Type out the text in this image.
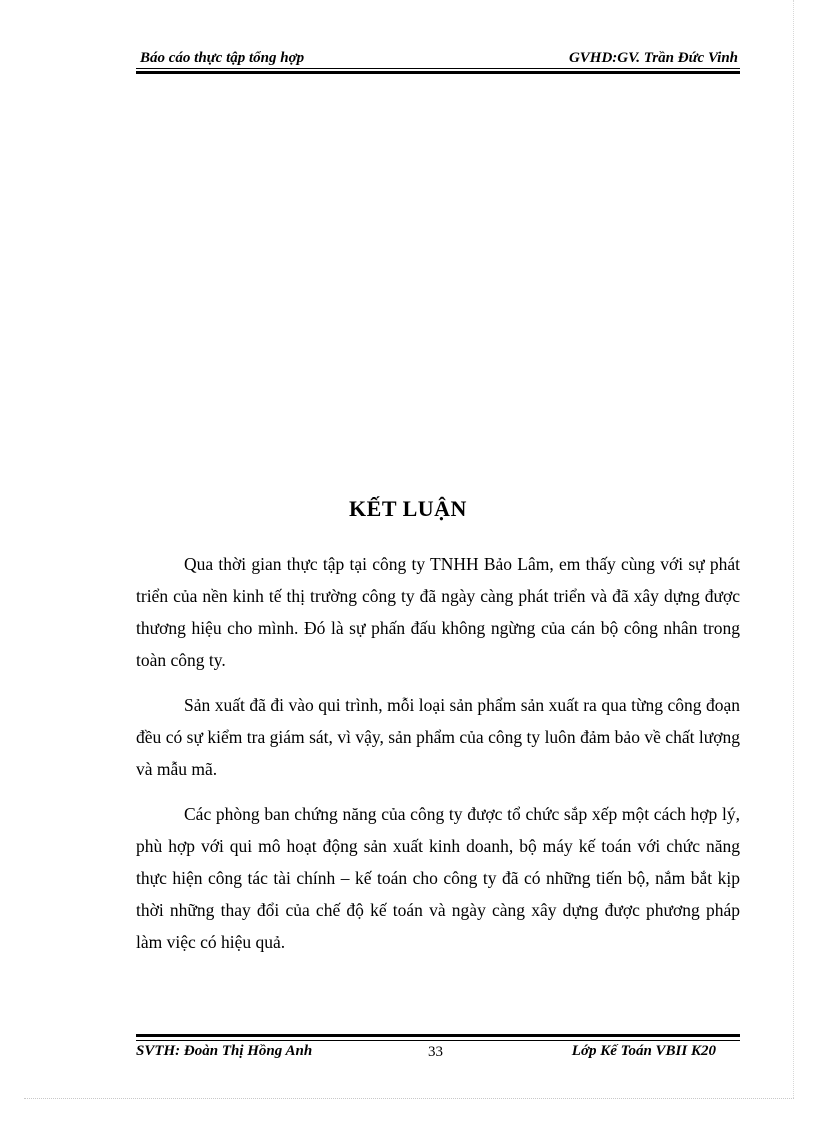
Báo cáo thực tập tổng hợp	GVHD:GV. Trần Đức Vinh
KẾT LUẬN

Qua thời gian thực tập tại công ty TNHH Bảo Lâm, em thấy cùng với sự phát triển của nền kinh tế thị trường công ty đã ngày càng phát triển và đã xây dựng được thương hiệu cho mình. Đó là sự phấn đấu không ngừng của cán bộ công nhân trong toàn công ty.

Sản xuất đã đi vào qui trình, mỗi loại sản phẩm sản xuất ra qua từng công đoạn đều có sự kiểm tra giám sát, vì vậy, sản phẩm của công ty luôn đảm bảo về chất lượng và mẫu mã.

Các phòng ban chứng năng của công ty được tổ chức sắp xếp một cách hợp lý, phù hợp với qui mô hoạt động sản xuất kinh doanh, bộ máy kế toán với chức năng thực hiện công tác tài chính – kế toán cho công ty đã có những tiến bộ, nắm bắt kịp thời những thay đổi của chế độ kế toán và ngày càng xây dựng được phương pháp làm việc có hiệu quả.

SVTH: Đoàn Thị Hồng Anh	33	Lớp Kế Toán VBII K20
